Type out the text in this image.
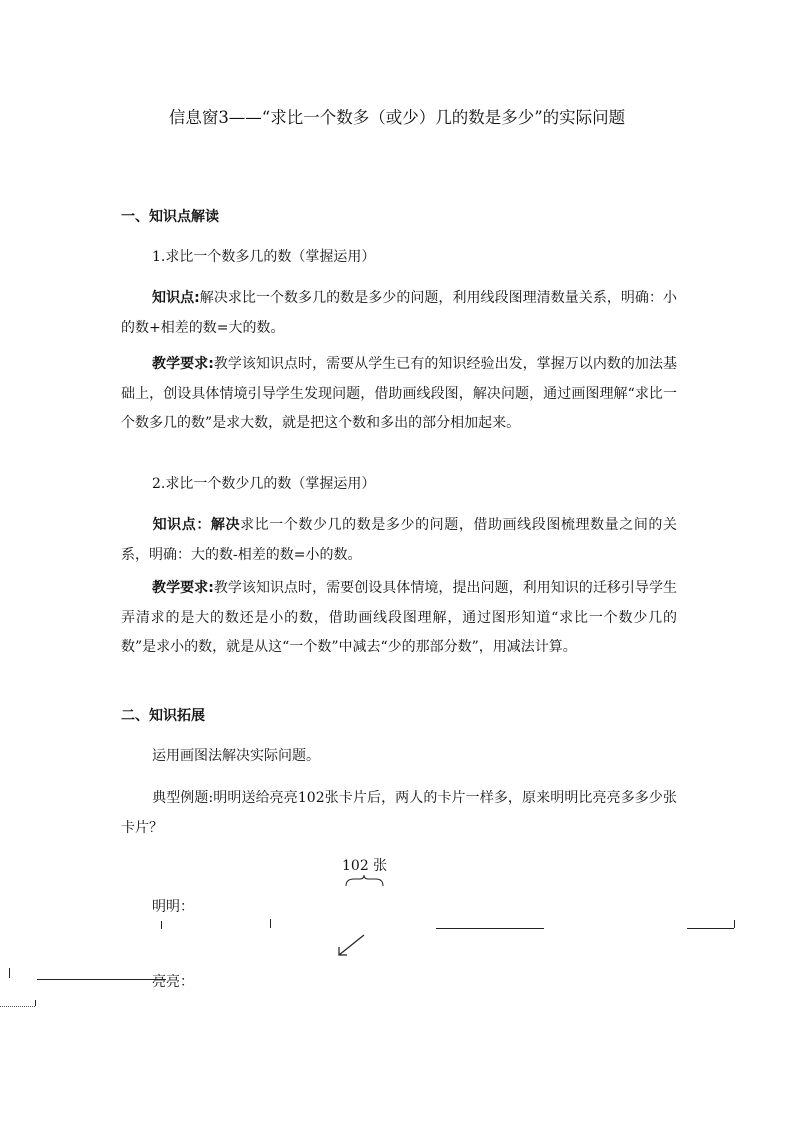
信息窗3——“求比一个数多（或少）几的数是多少”的实际问题
一、知识点解读
1.求比一个数多几的数（掌握运用）
知识点:解决求比一个数多几的数是多少的问题，利用线段图理清数量关系，明确：小的数+相差的数=大的数。
教学要求:教学该知识点时，需要从学生已有的知识经验出发，掌握万以内数的加法基础上，创设具体情境引导学生发现问题，借助画线段图，解决问题，通过画图理解“求比一个数多几的数”是求大数，就是把这个数和多出的部分相加起来。
2.求比一个数少几的数（掌握运用）
知识点：解决求比一个数少几的数是多少的问题，借助画线段图梳理数量之间的关系，明确：大的数-相差的数=小的数。
教学要求:教学该知识点时，需要创设具体情境，提出问题，利用知识的迁移引导学生弄清求的是大的数还是小的数，借助画线段图理解，通过图形知道“求比一个数少几的数”是求小的数，就是从这“一个数”中减去“少的那部分数”，用减法计算。
二、知识拓展
运用画图法解决实际问题。
典型例题:明明送给亮亮102张卡片后，两人的卡片一样多，原来明明比亮亮多多少张卡片？
102 张
明明：
亮亮：
